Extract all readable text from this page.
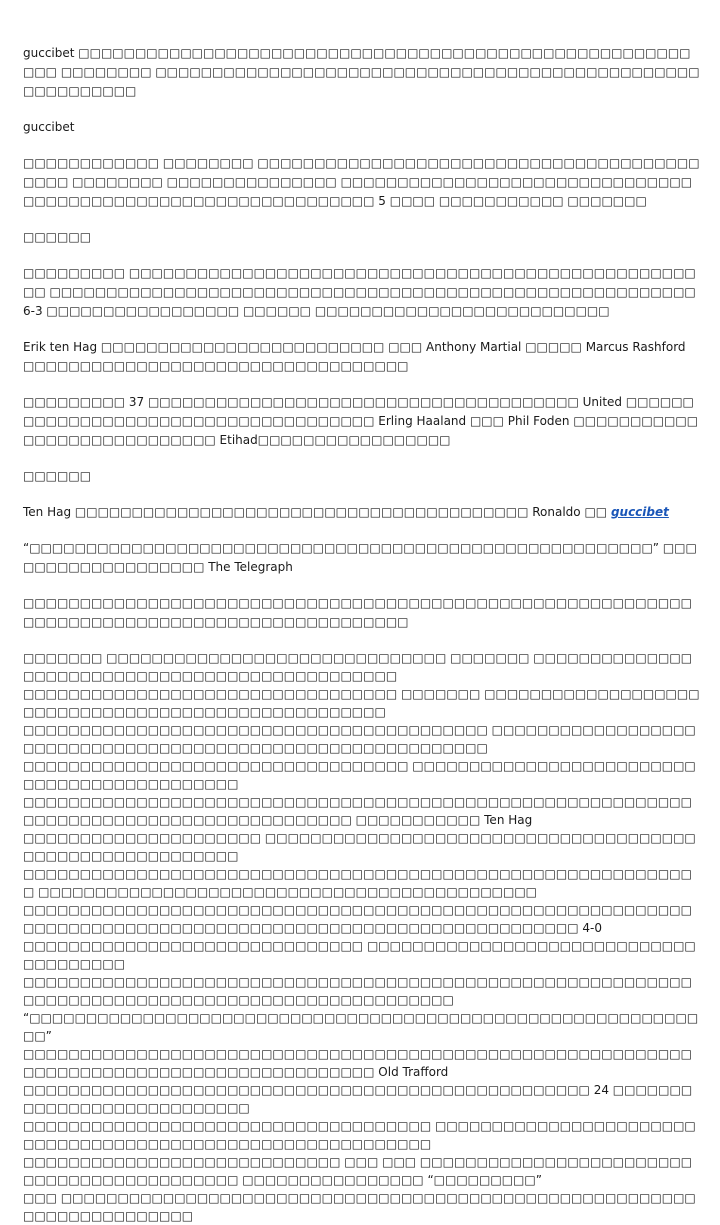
guccibet □□□□□□□□□□□□□□□□□□□□□□□□□□□□□□□□□□□□□□□□□□□□□□□□□□□□□□□□□ □□□□□□□□ □□□□□□□□□□□□□□□□□□□□□□□□□□□□□□□□□□□□□□□□□□□□□□□□□□□□□□□□□□

guccibet

□□□□□□□□□□□□ □□□□□□□□ □□□□□□□□□□□□□□□□□□□□□□□□□□□□□□□□□□□□□□□□□□□ □□□□□□□□ □□□□□□□□□□□□□□□ □□□□□□□□□□□□□□□□□□□□□□□□□□□□□□□□□□□□□□□□□□□□□□□□□□□□□□□□□□□□□□ 5 □□□□ □□□□□□□□□□□ □□□□□□□

□□□□□□

□□□□□□□□□ □□□□□□□□□□□□□□□□□□□□□□□□□□□□□□□□□□□□□□□□□□□□□□□□□□□□ □□□□□□□□□□□□□□□□□□□□□□□□□□□□□□□□□□□□□□□□□□□□□□□□□□□□□□□□□ 6-3 □□□□□□□□□□□□□□□□□ □□□□□□ □□□□□□□□□□□□□□□□□□□□□□□□□□

Erik ten Hag □□□□□□□□□□□□□□□□□□□□□□□□□ □□□ Anthony Martial □□□□□ Marcus Rashford □□□□□□□□□□□□□□□□□□□□□□□□□□□□□□□□□□

□□□□□□□□□ 37 □□□□□□□□□□□□□□□□□□□□□□□□□□□□□□□□□□□□□□ United □□□□□□□□□□□□□□□□□□□□□□□□□□□□□□□□□□□□□ Erling Haaland □□□ Phil Foden □□□□□□□□□□□□□□□□□□□□□□□□□□□□ Etihad□□□□□□□□□□□□□□□□□

□□□□□□

Ten Hag □□□□□□□□□□□□□□□□□□□□□□□□□□□□□□□□□□□□□□□□ Ronaldo □□ guccibet

“□□□□□□□□□□□□□□□□□□□□□□□□□□□□□□□□□□□□□□□□□□□□□□□□□□□□□□□” □□□□□□□□□□□□□□□□□□□ The Telegraph

□□□□□□□□□□□□□□□□□□□□□□□□□□□□□□□□□□□□□□□□□□□□□□□□□□□□□□□□□□□□□□□□□□□□□□□□□□□□□□□□□□□□□□□□□□□□□

□□□□□□□ □□□□□□□□□□□□□□□□□□□□□□□□□□□□□□ □□□□□□□ □□□□□□□□□□□□□□□□□□□□□□□□□□□□□□□□□□□□□□□□□□□□□□□

□□□□□□□□□□□□□□□□□□□□□□□□□□□□□□□□□ □□□□□□□ □□□□□□□□□□□□□□□□□□□□□□□□□□□□□□□□□□□□□□□□□□□□□□□□□□□

□□□□□□□□□□□□□□□□□□□□□□□□□□□□□□□□□□□□□□□□□ □□□□□□□□□□□□□□□□□□□□□□□□□□□□□□□□□□□□□□□□□□□□□□□□□□□□□□□□□□□

□□□□□□□□□□□□□□□□□□□□□□□□□□□□□□□□□□ □□□□□□□□□□□□□□□□□□□□□□□□□□□□□□□□□□□□□□□□□□□□

□□□□□□□□□□□□□□□□□□□□□□□□□□□□□□□□□□□□□□□□□□□□□□□□□□□□□□□□□□□□□□□□□□□□□□□□□□□□□□□□□□□□□□□□ □□□□□□□□□□□ Ten Hag

□□□□□□□□□□□□□□□□□□□□□ □□□□□□□□□□□□□□□□□□□□□□□□□□□□□□□□□□□□□□□□□□□□□□□□□□□□□□□□□

□□□□□□□□□□□□□□□□□□□□□□□□□□□□□□□□□□□□□□□□□□□□□□□□□□□□□□□□□□□□ □□□□□□□□□□□□□□□□□□□□□□□□□□□□□□□□□□□□□□□□□□□□

□□□□□□□□□□□□□□□□□□□□□□□□□□□□□□□□□□□□□□□□□□□□□□□□□□□□□□□□□□□□□□□□□□□□□□□□□□□□□□□□□□□□□□□□□□□□□□□□□□□□□□□□□□□□ 4-0

□□□□□□□□□□□□□□□□□□□□□□□□□□□□□□ □□□□□□□□□□□□□□□□□□□□□□□□□□□□□□□□□□□□□□

□□□□□□□□□□□□□□□□□□□□□□□□□□□□□□□□□□□□□□□□□□□□□□□□□□□□□□□□□□□□□□□□□□□□□□□□□□□□□□□□□□□□□□□□□□□□□□□□□

“□□□□□□□□□□□□□□□□□□□□□□□□□□□□□□□□□□□□□□□□□□□□□□□□□□□□□□□□□□□□□”

□□□□□□□□□□□□□□□□□□□□□□□□□□□□□□□□□□□□□□□□□□□□□□□□□□□□□□□□□□□□□□□□□□□□□□□□□□□□□□□□□□□□□□□□□□ Old Trafford

□□□□□□□□□□□□□□□□□□□□□□□□□□□□□□□□□□□□□□□□□□□□□□□□□□ 24 □□□□□□□□□□□□□□□□□□□□□□□□□□□

□□□□□□□□□□□□□□□□□□□□□□□□□□□□□□□□□□□□ □□□□□□□□□□□□□□□□□□□□□□□□□□□□□□□□□□□□□□□□□□□□□□□□□□□□□□□□□□□

□□□□□□□□□□□□□□□□□□□□□□□□□□□□ □□□ □□□ □□□□□□□□□□□□□□□□□□□□□□□□□□□□□□□□□□□□□□□□□□□ □□□□□□□□□□□□□□□□ “□□□□□□□□□”

□□□ □□□□□□□□□□□□□□□□□□□□□□□□□□□□□□□□□□□□□□□□□□□□□□□□□□□□□□□□□□□□□□□□□□□□□□□
